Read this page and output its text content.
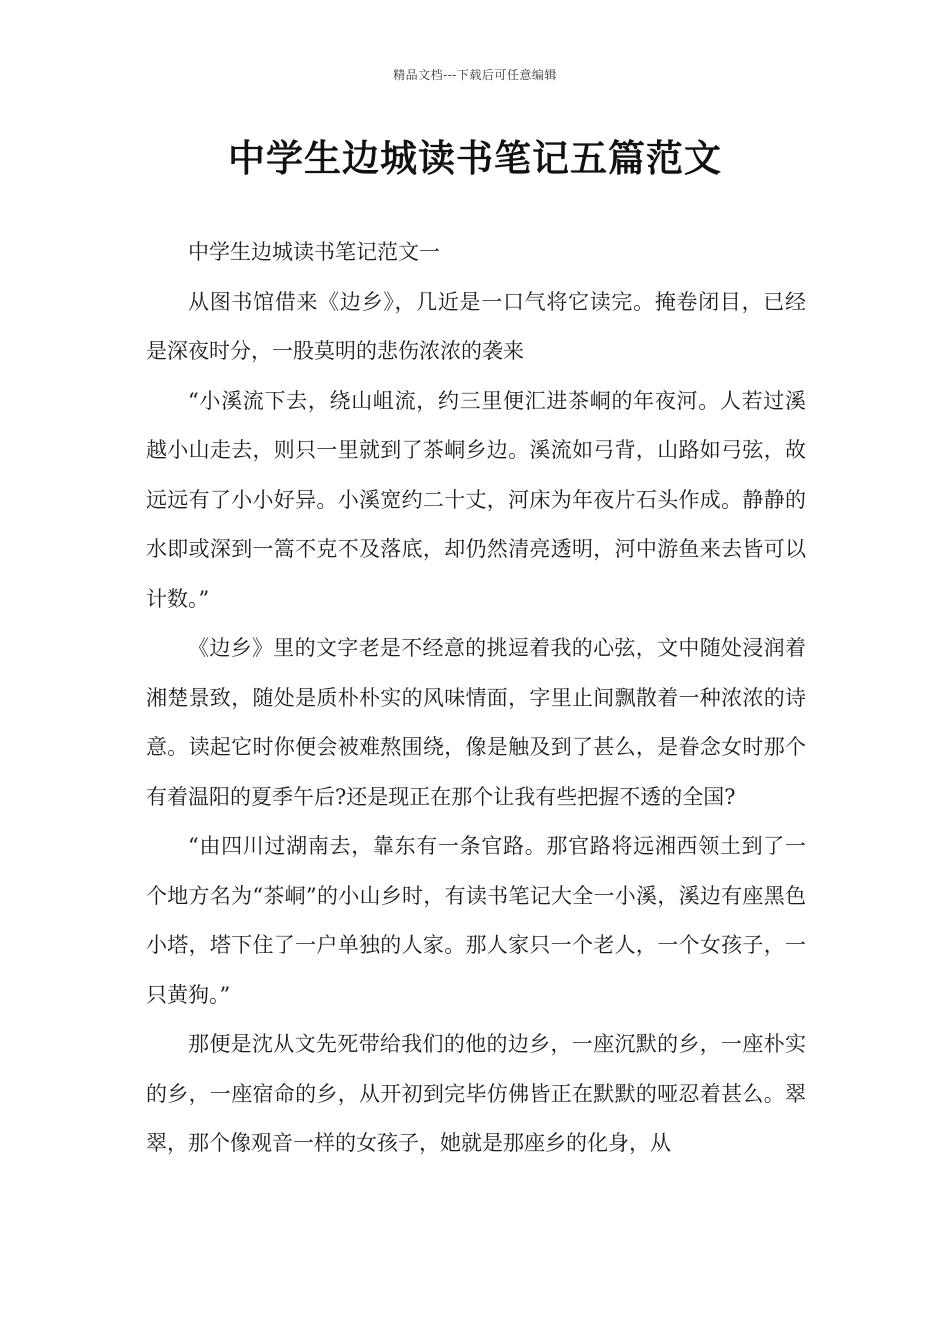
精品文档---下载后可任意编辑
中学生边城读书笔记五篇范文

中学生边城读书笔记范文一

从图书馆借来《边乡》，几近是一口气将它读完。掩卷闭目，已经是深夜时分，一股莫明的悲伤浓浓的袭来

“小溪流下去，绕山岨流，约三里便汇进茶峒的年夜河。人若过溪越小山走去，则只一里就到了茶峒乡边。溪流如弓背，山路如弓弦，故远远有了小小好异。小溪宽约二十丈，河床为年夜片石头作成。静静的水即或深到一篙不克不及落底，却仍然清亮透明，河中游鱼来去皆可以计数。”

《边乡》里的文字老是不经意的挑逗着我的心弦，文中随处浸润着湘楚景致，随处是质朴朴实的风味情面，字里止间飘散着一种浓浓的诗意。读起它时你便会被难熬围绕，像是触及到了甚么，是眷念女时那个有着温阳的夏季午后?还是现正在那个让我有些把握不透的全国?

“由四川过湖南去，靠东有一条官路。那官路将远湘西领土到了一个地方名为“茶峒”的小山乡时，有读书笔记大全一小溪，溪边有座黑色小塔，塔下住了一户单独的人家。那人家只一个老人，一个女孩子，一只黄狗。”

那便是沈从文先死带给我们的他的边乡，一座沉默的乡，一座朴实的乡，一座宿命的乡，从开初到完毕仿佛皆正在默默的哑忍着甚么。翠翠，那个像观音一样的女孩子，她就是那座乡的化身，从
